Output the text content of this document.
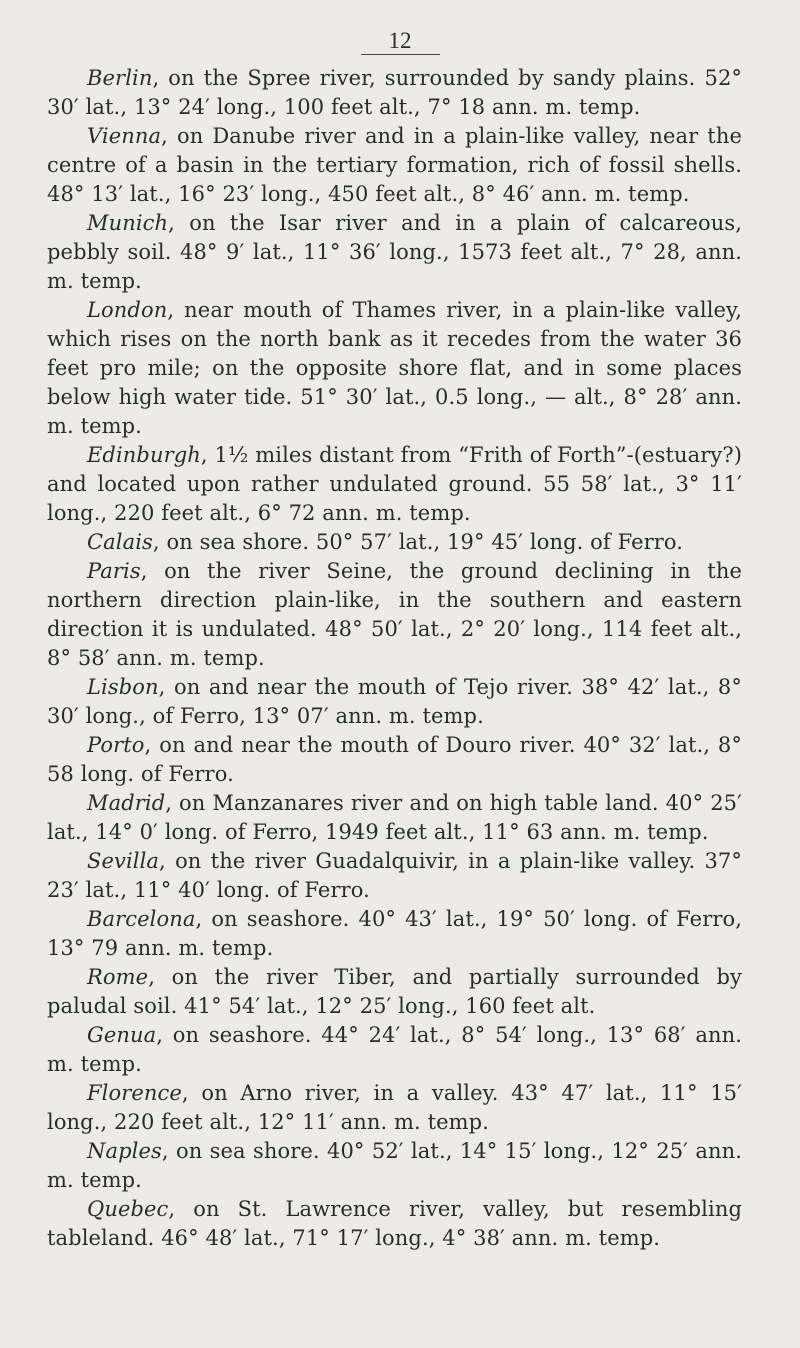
12

Berlin, on the Spree river, surrounded by sandy plains. 52° 30′ lat., 13° 24′ long., 100 feet alt., 7° 18 ann. m. temp.

Vienna, on Danube river and in a plain-like valley, near the centre of a basin in the tertiary formation, rich of fossil shells. 48° 13′ lat., 16° 23′ long., 450 feet alt., 8° 46′ ann. m. temp.

Munich, on the Isar river and in a plain of calcareous, pebbly soil. 48° 9′ lat., 11° 36′ long., 1573 feet alt., 7° 28, ann. m. temp.

London, near mouth of Thames river, in a plain-like valley, which rises on the north bank as it recedes from the water 36 feet pro mile; on the opposite shore flat, and in some places below high water tide. 51° 30′ lat., 0.5 long., — alt., 8° 28′ ann. m. temp.

Edinburgh, 1½ miles distant from “Frith of Forth”-(estuary?) and located upon rather undulated ground. 55 58′ lat., 3° 11′ long., 220 feet alt., 6° 72 ann. m. temp.

Calais, on sea shore. 50° 57′ lat., 19° 45′ long. of Ferro.

Paris, on the river Seine, the ground declining in the northern direction plain-like, in the southern and eastern direction it is undulated. 48° 50′ lat., 2° 20′ long., 114 feet alt., 8° 58′ ann. m. temp.

Lisbon, on and near the mouth of Tejo river. 38° 42′ lat., 8° 30′ long., of Ferro, 13° 07′ ann. m. temp.

Porto, on and near the mouth of Douro river. 40° 32′ lat., 8° 58 long. of Ferro.

Madrid, on Manzanares river and on high table land. 40° 25′ lat., 14° 0′ long. of Ferro, 1949 feet alt., 11° 63 ann. m. temp.

Sevilla, on the river Guadalquivir, in a plain-like valley. 37° 23′ lat., 11° 40′ long. of Ferro.

Barcelona, on seashore. 40° 43′ lat., 19° 50′ long. of Ferro, 13° 79 ann. m. temp.

Rome, on the river Tiber, and partially surrounded by paludal soil. 41° 54′ lat., 12° 25′ long., 160 feet alt.

Genua, on seashore. 44° 24′ lat., 8° 54′ long., 13° 68′ ann. m. temp.

Florence, on Arno river, in a valley. 43° 47′ lat., 11° 15′ long., 220 feet alt., 12° 11′ ann. m. temp.

Naples, on sea shore. 40° 52′ lat., 14° 15′ long., 12° 25′ ann. m. temp.

Quebec, on St. Lawrence river, valley, but resembling tableland. 46° 48′ lat., 71° 17′ long., 4° 38′ ann. m. temp.
